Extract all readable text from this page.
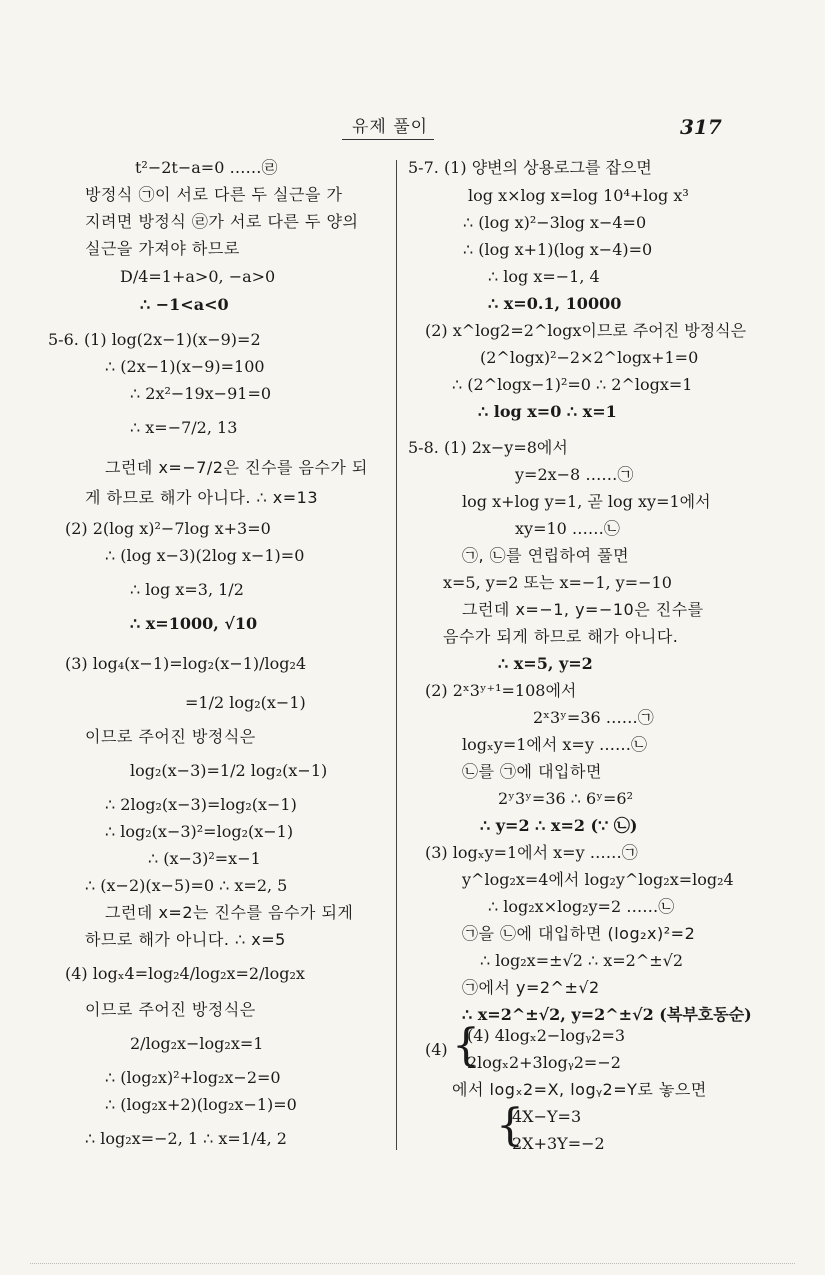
유제 풀이	317
t²−2t−a=0 ……㉣
방정식 ㉠이 서로 다른 두 실근을 가
지려면 방정식 ㉣가 서로 다른 두 양의
실근을 가져야 하므로
D/4=1+a>0, −a>0
∴ −1<a<0
5-6. (1) log(2x−1)(x−9)=2
∴ (2x−1)(x−9)=100
∴ 2x²−19x−91=0
∴ x=−7/2, 13
그런데 x=−7/2은 진수를 음수가 되
게 하므로 해가 아니다. ∴ x=13
(2) 2(log x)²−7log x+3=0
∴ (log x−3)(2log x−1)=0
∴ log x=3, 1/2
∴ x=1000, √10
(3) log₄(x−1)=log₂(x−1)/log₂4
=1/2 log₂(x−1)
이므로 주어진 방정식은
log₂(x−3)=1/2 log₂(x−1)
∴ 2log₂(x−3)=log₂(x−1)
∴ log₂(x−3)²=log₂(x−1)
∴ (x−3)²=x−1
∴ (x−2)(x−5)=0 ∴ x=2, 5
그런데 x=2는 진수를 음수가 되게
하므로 해가 아니다. ∴ x=5
(4) logₓ4=log₂4/log₂x=2/log₂x
이므로 주어진 방정식은
2/log₂x−log₂x=1
∴ (log₂x)²+log₂x−2=0
∴ (log₂x+2)(log₂x−1)=0
∴ log₂x=−2, 1 ∴ x=1/4, 2
5-7. (1) 양변의 상용로그를 잡으면
log x×log x=log 10⁴+log x³
∴ (log x)²−3log x−4=0
∴ (log x+1)(log x−4)=0
∴ log x=−1, 4
∴ x=0.1, 10000
(2) x^log2=2^logx이므로 주어진 방정식은
(2^logx)²−2×2^logx+1=0
∴ (2^logx−1)²=0 ∴ 2^logx=1
∴ log x=0 ∴ x=1
5-8. (1) 2x−y=8에서
y=2x−8 ……㉠
log x+log y=1, 곧 log xy=1에서
xy=10 ……㉡
㉠, ㉡를 연립하여 풀면
x=5, y=2 또는 x=−1, y=−10
그런데 x=−1, y=−10은 진수를
음수가 되게 하므로 해가 아니다.
∴ x=5, y=2
(2) 2ˣ3ʸ⁺¹=108에서
2ˣ3ʸ=36 ……㉠
logₓy=1에서 x=y ……㉡
㉡를 ㉠에 대입하면
2ʸ3ʸ=36 ∴ 6ʸ=6²
∴ y=2 ∴ x=2 (∵ ㉡)
(3) logₓy=1에서 x=y ……㉠
y^log₂x=4에서 log₂y^log₂x=log₂4
∴ log₂x×log₂y=2 ……㉡
㉠을 ㉡에 대입하면 (log₂x)²=2
∴ log₂x=±√2 ∴ x=2^±√2
㉠에서 y=2^±√2
∴ x=2^±√2, y=2^±√2 (복부호동순)
(4) {
(4) 4logₓ2−logᵧ2=3
2logₓ2+3logᵧ2=−2
에서 logₓ2=X, logᵧ2=Y로 놓으면
{
4X−Y=3
2X+3Y=−2
